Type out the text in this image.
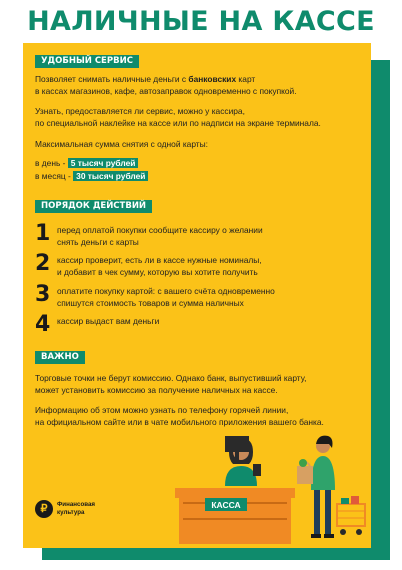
НАЛИЧНЫЕ НА КАССЕ
УДОБНЫЙ СЕРВИС
Позволяет снимать наличные деньги с банковских карт
в кассах магазинов, кафе, автозаправок одновременно с покупкой.
Узнать, предоставляется ли сервис, можно у кассира,
по специальной наклейке на кассе или по надписи на экране терминала.
Максимальная сумма снятия с одной карты:
в день - 5 тысяч рублей
в месяц - 30 тысяч рублей
ПОРЯДОК ДЕЙСТВИЙ
1 перед оплатой покупки сообщите кассиру о желании
снять деньги с карты
2 кассир проверит, есть ли в кассе нужные номиналы,
и добавит в чек сумму, которую вы хотите получить
3 оплатите покупку картой: с вашего счёта одновременно
спишутся стоимость товаров и сумма наличных
4 кассир выдаст вам деньги
ВАЖНО
Торговые точки не берут комиссию. Однако банк, выпустивший карту,
может установить комиссию за получение наличных на кассе.
Информацию об этом можно узнать по телефону горячей линии,
на официальном сайте или в чате мобильного приложения вашего банка.
₽	Финансовая
культура
КАССА
